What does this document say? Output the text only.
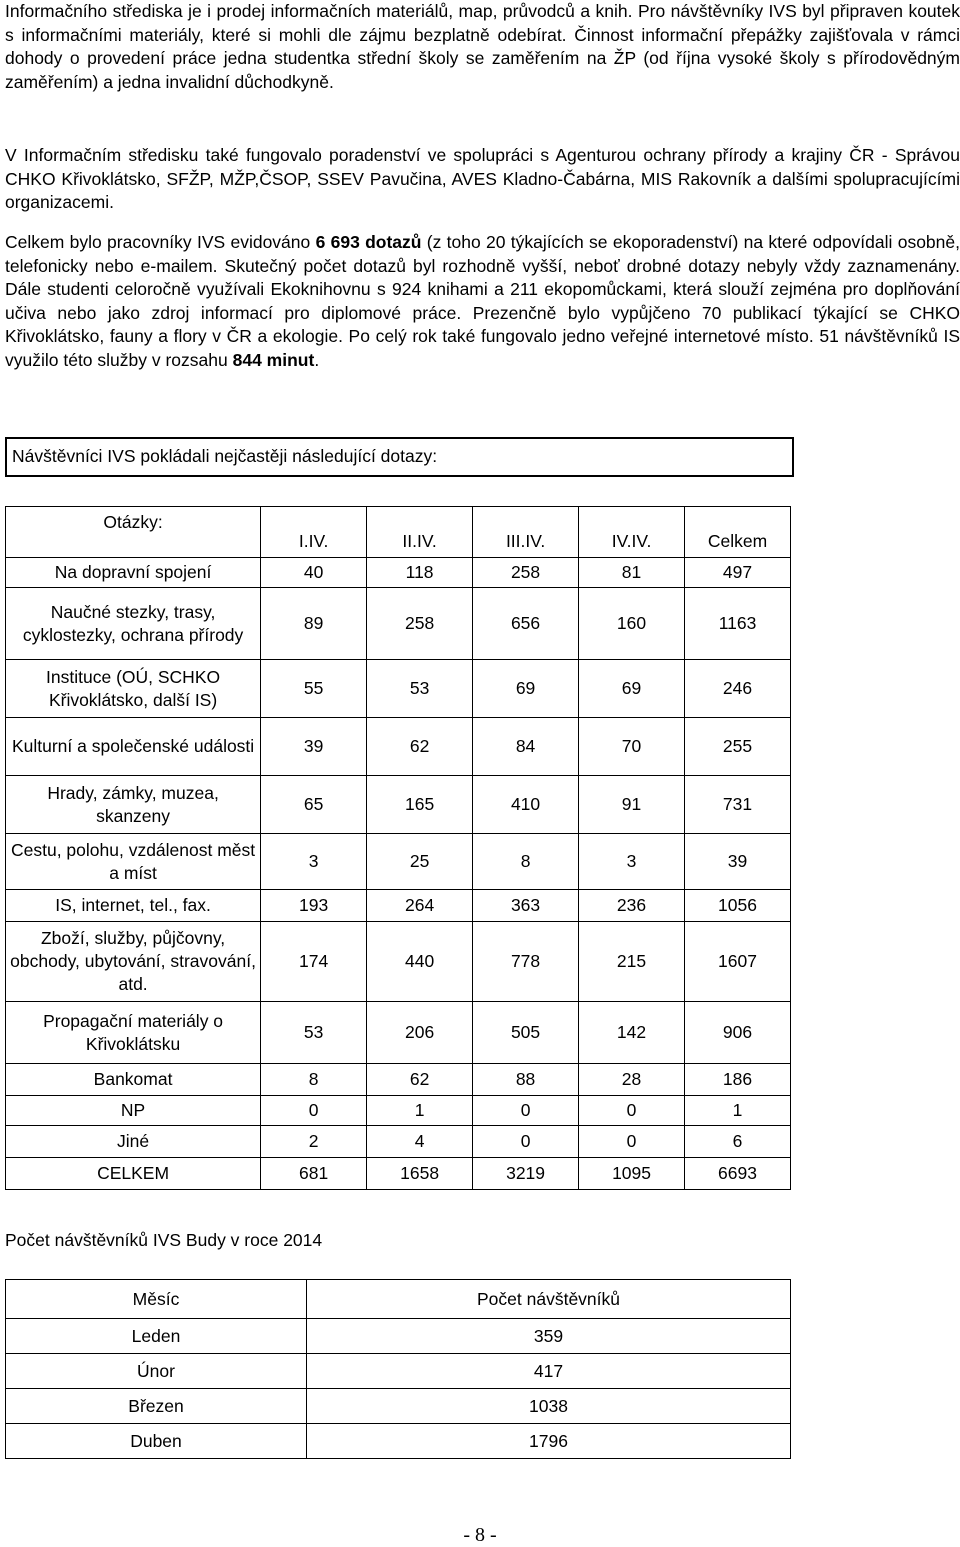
Informačního střediska je i prodej informačních materiálů, map, průvodců a knih. Pro návštěvníky IVS byl připraven koutek s informačními materiály, které si mohli dle zájmu bezplatně odebírat. Činnost informační přepážky zajišťovala v rámci dohody o provedení práce jedna studentka střední školy se zaměřením na ŽP (od října vysoké školy s přírodovědným zaměřením) a jedna invalidní důchodkyně.

V Informačním středisku také fungovalo poradenství ve spolupráci s Agenturou ochrany přírody a krajiny ČR - Správou CHKO Křivoklátsko, SFŽP, MŽP,ČSOP, SSEV Pavučina, AVES Kladno-Čabárna, MIS Rakovník a dalšími spolupracujícími organizacemi.

Celkem bylo pracovníky IVS evidováno 6 693 dotazů (z toho 20 týkajících se ekoporadenství) na které odpovídali osobně, telefonicky nebo e-mailem. Skutečný počet dotazů byl rozhodně vyšší, neboť drobné dotazy nebyly vždy zaznamenány. Dále studenti celoročně využívali Ekoknihovnu s 924 knihami a 211 ekopomůckami, která slouží zejména pro doplňování učiva nebo jako zdroj informací pro diplomové práce. Prezenčně bylo vypůjčeno 70 publikací týkající se CHKO Křivoklátsko, fauny a flory v ČR a ekologie. Po celý rok také fungovalo jedno veřejné internetové místo. 51 návštěvníků IS využilo této služby v rozsahu 844 minut.

Návštěvníci IVS pokládali nejčastěji následující dotazy:
Otázky:	I.IV.	II.IV.	III.IV.	IV.IV.	Celkem
Na dopravní spojení	40	118	258	81	497
Naučné stezky, trasy, cyklostezky, ochrana přírody	89	258	656	160	1163
Instituce (OÚ, SCHKO Křivoklátsko, další IS)	55	53	69	69	246
Kulturní a společenské události	39	62	84	70	255
Hrady, zámky, muzea, skanzeny	65	165	410	91	731
Cestu, polohu, vzdálenost měst a míst	3	25	8	3	39
IS, internet, tel., fax.	193	264	363	236	1056
Zboží, služby, půjčovny, obchody, ubytování, stravování, atd.	174	440	778	215	1607
Propagační materiály o Křivoklátsku	53	206	505	142	906
Bankomat	8	62	88	28	186
NP	0	1	0	0	1
Jiné	2	4	0	0	6
CELKEM	681	1658	3219	1095	6693
Počet návštěvníků IVS Budy v roce 2014
Měsíc	Počet návštěvníků
Leden	359
Únor	417
Březen	1038
Duben	1796
- 8 -
